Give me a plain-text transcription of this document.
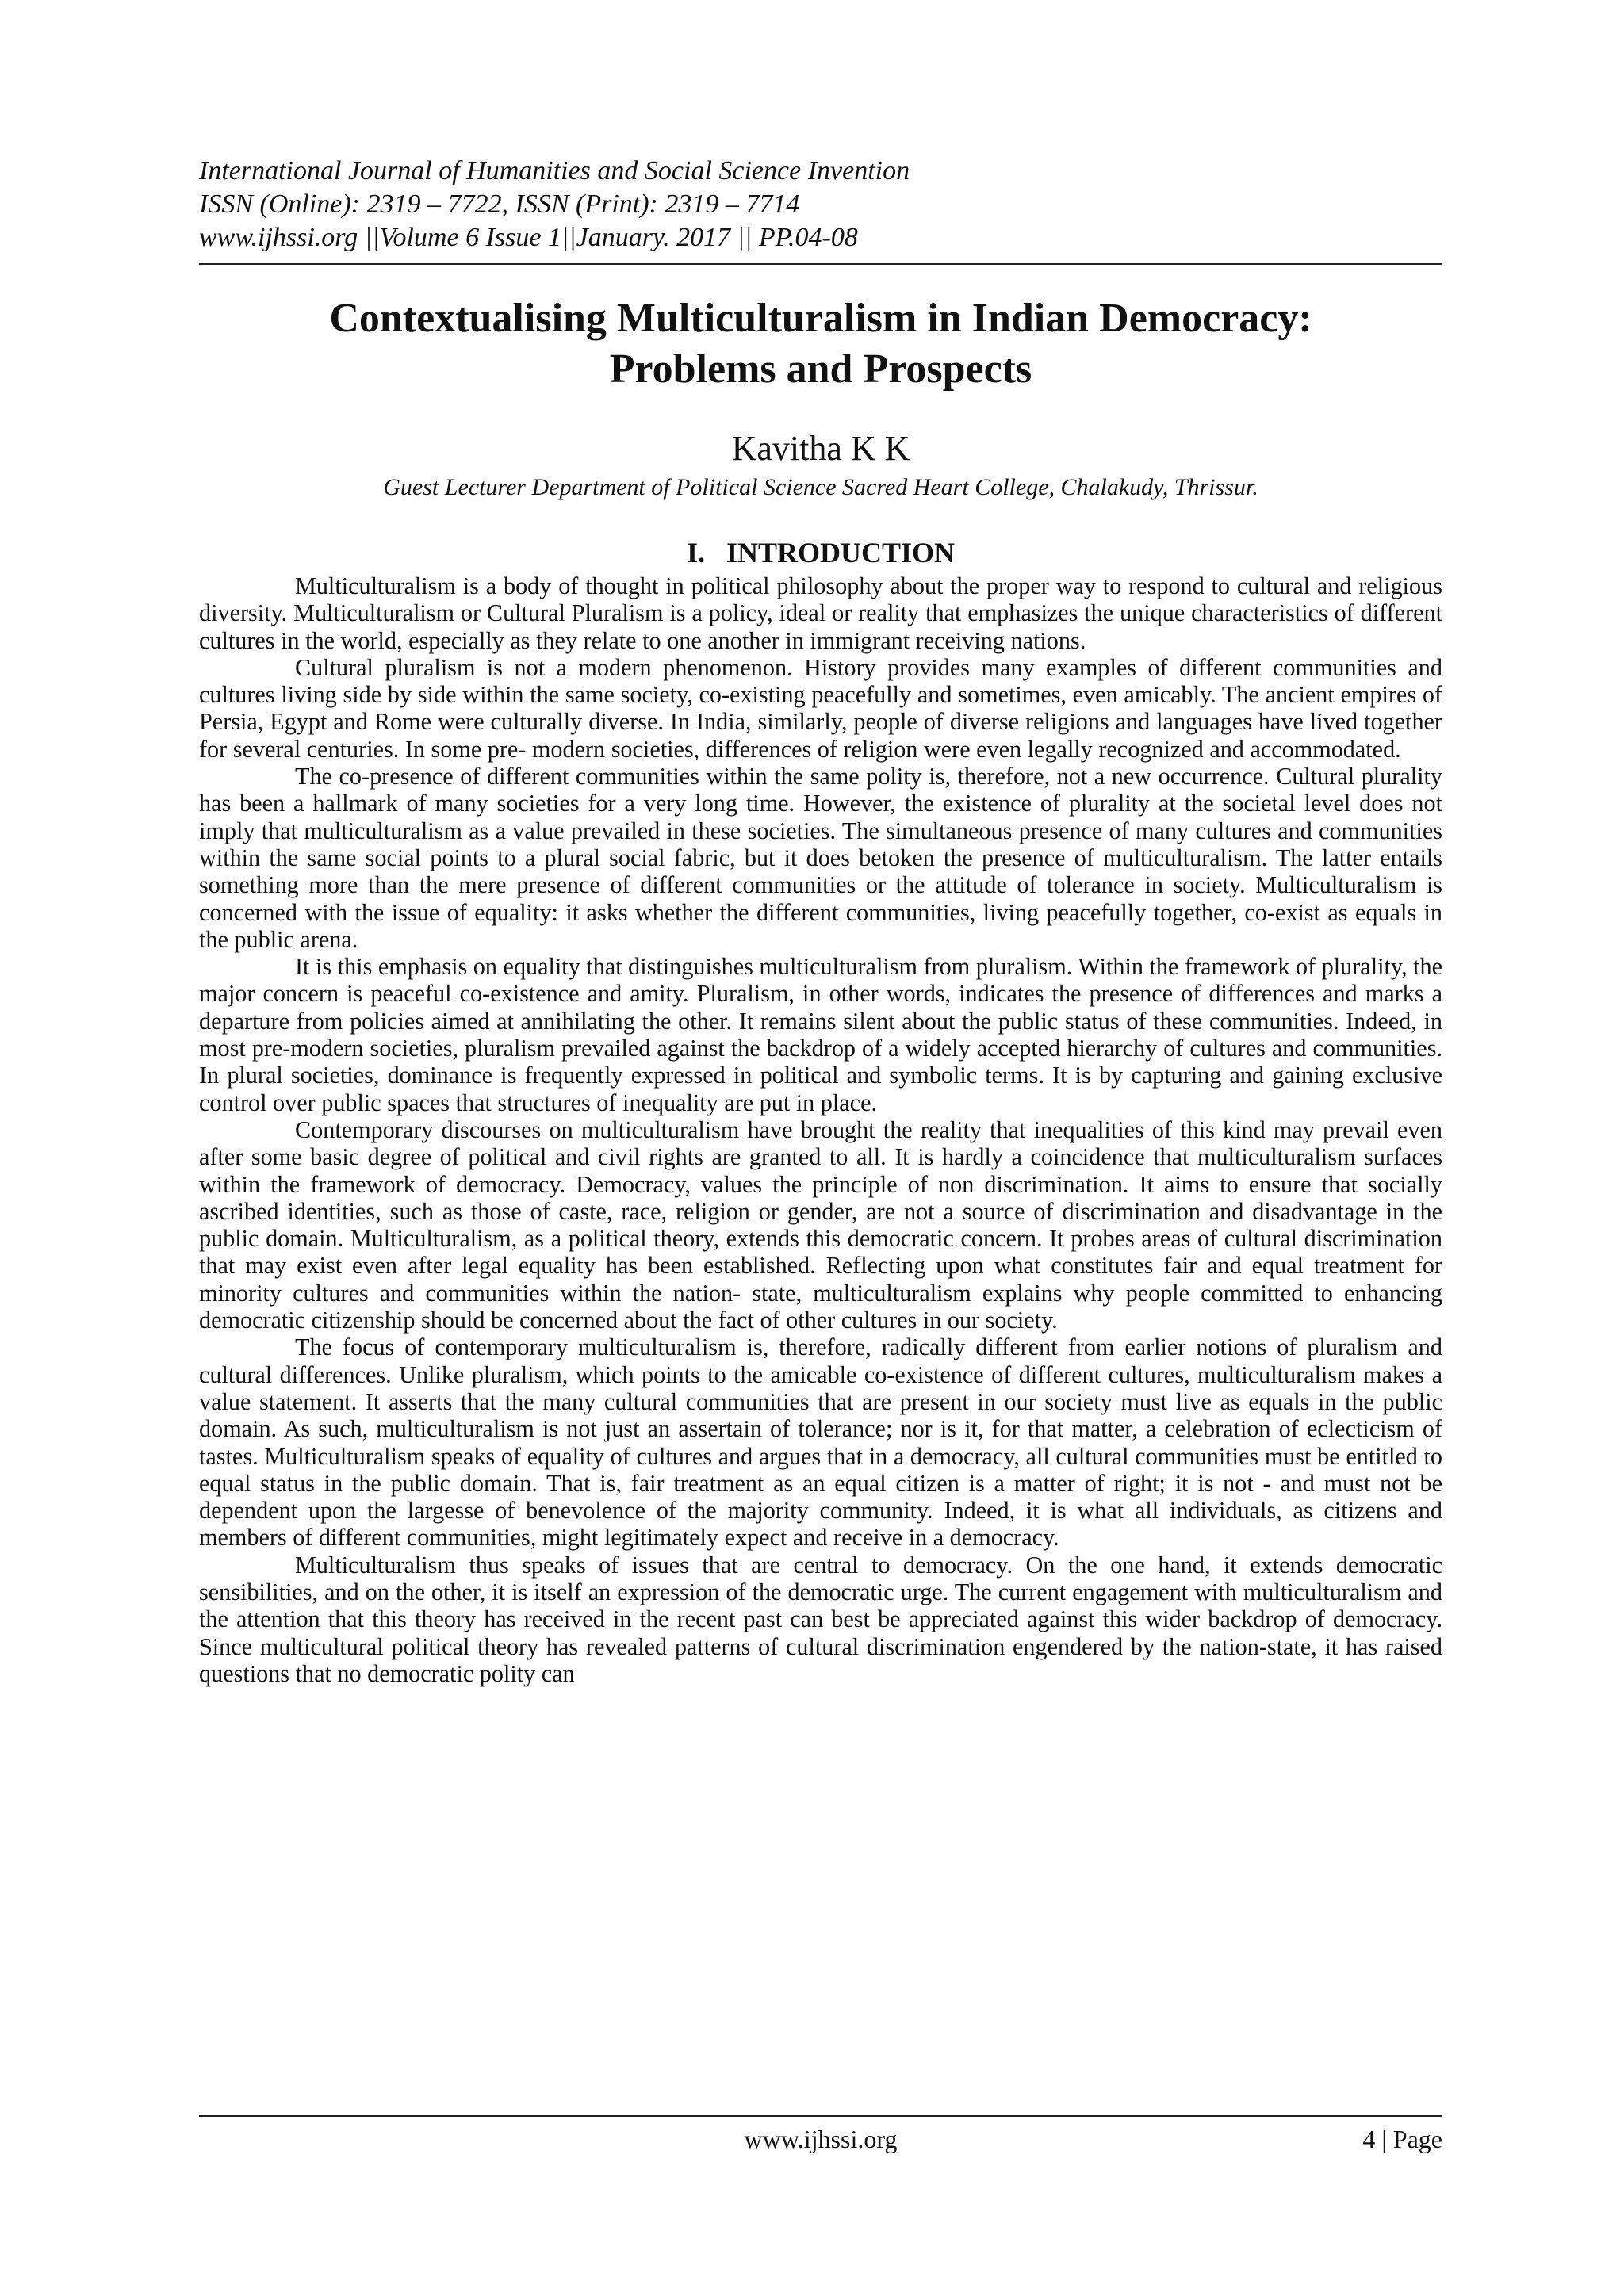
International Journal of Humanities and Social Science Invention
ISSN (Online): 2319 – 7722, ISSN (Print): 2319 – 7714
www.ijhssi.org ||Volume 6 Issue 1||January. 2017 || PP.04-08
Contextualising Multiculturalism in Indian Democracy:
Problems and Prospects
Kavitha K K
Guest Lecturer Department of Political Science Sacred Heart College, Chalakudy, Thrissur.
I.   INTRODUCTION

Multiculturalism is a body of thought in political philosophy about the proper way to respond to cultural and religious diversity. Multiculturalism or Cultural Pluralism is a policy, ideal or reality that emphasizes the unique characteristics of different cultures in the world, especially as they relate to one another in immigrant receiving nations.

Cultural pluralism is not a modern phenomenon. History provides many examples of different communities and cultures living side by side within the same society, co-existing peacefully and sometimes, even amicably. The ancient empires of Persia, Egypt and Rome were culturally diverse. In India, similarly, people of diverse religions and languages have lived together for several centuries. In some pre- modern societies, differences of religion were even legally recognized and accommodated.

The co-presence of different communities within the same polity is, therefore, not a new occurrence. Cultural plurality has been a hallmark of many societies for a very long time. However, the existence of plurality at the societal level does not imply that multiculturalism as a value prevailed in these societies. The simultaneous presence of many cultures and communities within the same social points to a plural social fabric, but it does betoken the presence of multiculturalism. The latter entails something more than the mere presence of different communities or the attitude of tolerance in society. Multiculturalism is concerned with the issue of equality: it asks whether the different communities, living peacefully together, co-exist as equals in the public arena.

It is this emphasis on equality that distinguishes multiculturalism from pluralism. Within the framework of plurality, the major concern is peaceful co-existence and amity. Pluralism, in other words, indicates the presence of differences and marks a departure from policies aimed at annihilating the other. It remains silent about the public status of these communities. Indeed, in most pre-modern societies, pluralism prevailed against the backdrop of a widely accepted hierarchy of cultures and communities. In plural societies, dominance is frequently expressed in political and symbolic terms. It is by capturing and gaining exclusive control over public spaces that structures of inequality are put in place.

Contemporary discourses on multiculturalism have brought the reality that inequalities of this kind may prevail even after some basic degree of political and civil rights are granted to all. It is hardly a coincidence that multiculturalism surfaces within the framework of democracy. Democracy, values the principle of non discrimination. It aims to ensure that socially ascribed identities, such as those of caste, race, religion or gender, are not a source of discrimination and disadvantage in the public domain. Multiculturalism, as a political theory, extends this democratic concern. It probes areas of cultural discrimination that may exist even after legal equality has been established. Reflecting upon what constitutes fair and equal treatment for minority cultures and communities within the nation- state, multiculturalism explains why people committed to enhancing democratic citizenship should be concerned about the fact of other cultures in our society.

The focus of contemporary multiculturalism is, therefore, radically different from earlier notions of pluralism and cultural differences. Unlike pluralism, which points to the amicable co-existence of different cultures, multiculturalism makes a value statement. It asserts that the many cultural communities that are present in our society must live as equals in the public domain. As such, multiculturalism is not just an assertain of tolerance; nor is it, for that matter, a celebration of eclecticism of tastes. Multiculturalism speaks of equality of cultures and argues that in a democracy, all cultural communities must be entitled to equal status in the public domain. That is, fair treatment as an equal citizen is a matter of right; it is not - and must not be dependent upon the largesse of benevolence of the majority community. Indeed, it is what all individuals, as citizens and members of different communities, might legitimately expect and receive in a democracy.

Multiculturalism thus speaks of issues that are central to democracy. On the one hand, it extends democratic sensibilities, and on the other, it is itself an expression of the democratic urge. The current engagement with multiculturalism and the attention that this theory has received in the recent past can best be appreciated against this wider backdrop of democracy. Since multicultural political theory has revealed patterns of cultural discrimination engendered by the nation-state, it has raised questions that no democratic polity can

www.ijhssi.org	4 | Page
